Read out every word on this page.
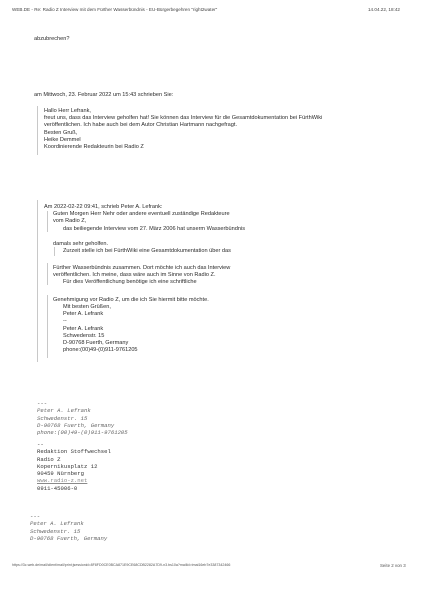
WEB.DE - Re: Radio Z Interview mit dem Fürther Wasserbündnis - EU-Bürgerbegehren "right2water"	14.04.22, 18:42
abzubrechen?
am Mittwoch, 23. Februar 2022 um 15:43 schrieben Sie:
Hallo Herr Lefrank,
freut uns, dass das Interview geholfen hat! Sie können das Interview für die Gesamtdokumentation bei FürthWiki
veröffentlichen. Ich habe auch bei dem Autor Christian Hartmann nachgefragt.
Besten Gruß,
Heike Demmel
Koordinierende Redakteurin bei Radio Z
Am 2022-02-22 09:41, schrieb Peter A. Lefrank:
Guten Morgen Herr Nehr oder andere eventuell zuständige Redakteure
vom Radio Z,
das beiliegende Interview vom 27. März 2006 hat unserm Wasserbündnis
damals sehr geholfen.
Zurzeit stelle ich bei FürthWiki eine Gesamtdokumentation über das
Fürther Wasserbündnis zusammen. Dort möchte ich auch das Interview
veröffentlichen. Ich meine, dass wäre auch im Sinne von Radio Z.
Für dies Veröffentlichung benötige ich eine schriftliche
Genehmigung vor Radio Z, um die ich Sie hiermit bitte möchte.
Mit besten Grüßen,
Peter A. Lefrank
--
Peter A. Lefrank
Schwedenstr. 15
D-90768 Fuerth, Germany
phone:(00)49-(0)911-9761205
---
Peter A. Lefrank
Schwedenstr. 15
D-90768 Fuerth, Germany
phone:(00)49-(0)911-9761205
--
Redaktion Stoffwechsel
Radio Z
Kopernikusplatz 12
90459 Nürnberg
www.radio-z.net
0911-45006-0
---
Peter A. Lefrank
Schwedenstr. 15
D-90768 Fuerth, Germany
https://3c.web.de/mail/client/mail/print;jsessionid=8F8FD0CE0BCA871E9CE68CDB2282A7D9-n3.bs10a?mailId=tmai16eb7e3387342466	Seite 2 von 3
